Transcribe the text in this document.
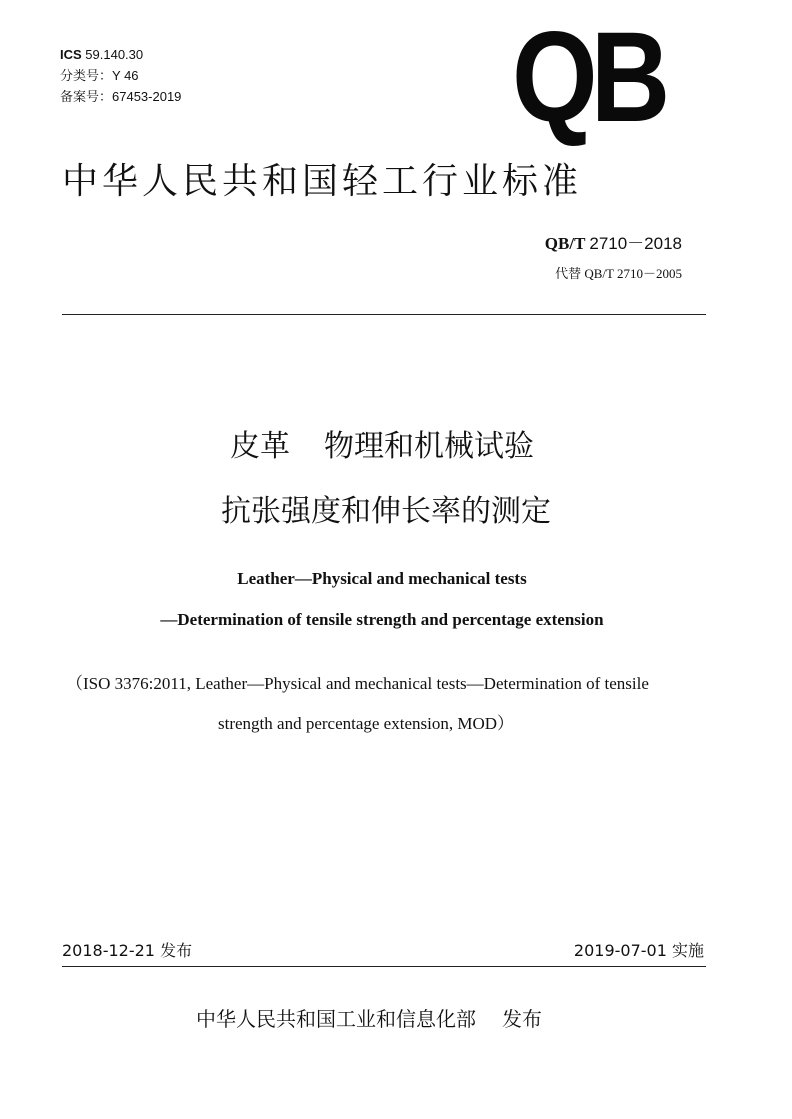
ICS 59.140.30
分类号：Y 46
备案号：67453-2019	QB
中华人民共和国轻工行业标准
QB/T 2710－2018
代替 QB/T 2710－2005
皮革 物理和机械试验
抗张强度和伸长率的测定
Leather—Physical and mechanical tests
—Determination of tensile strength and percentage extension
（ISO 3376:2011, Leather—Physical and mechanical tests—Determination of tensile
strength and percentage extension, MOD）
2018-12-21 发布	2019-07-01 实施
中华人民共和国工业和信息化部 发布
